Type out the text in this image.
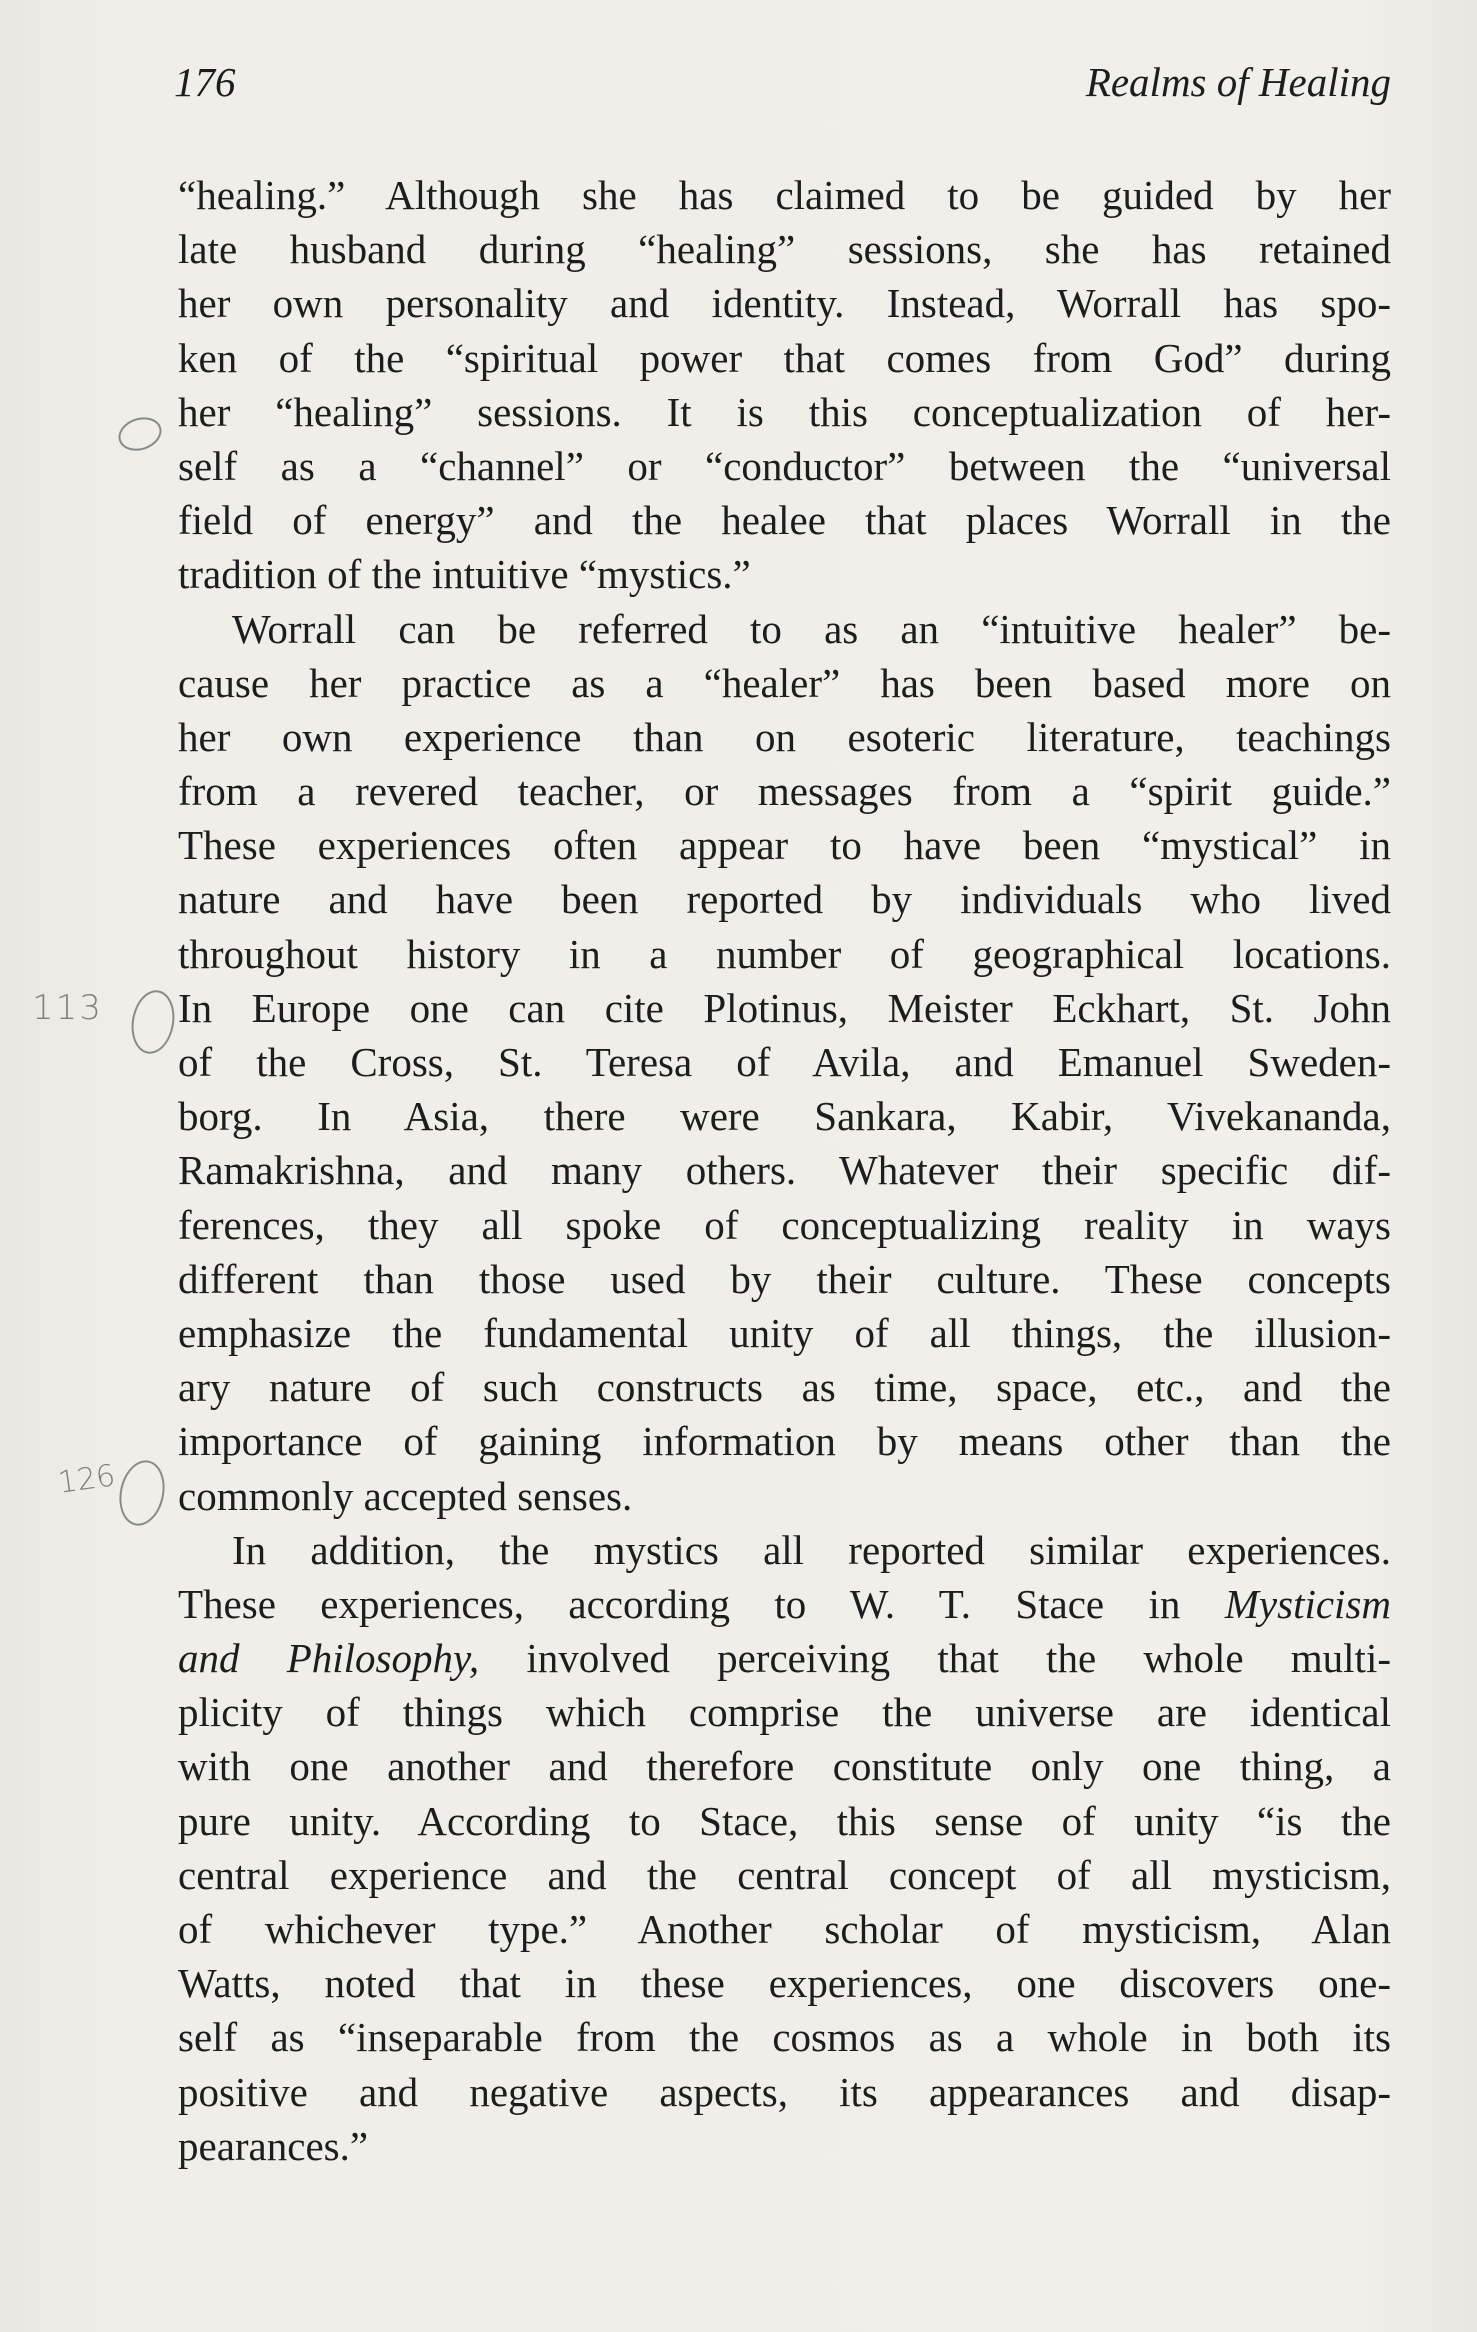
176	Realms of Healing
113
126
“healing.” Although she has claimed to be guided by her
late husband during “healing” sessions, she has retained
her own personality and identity. Instead, Worrall has spo-
ken of the “spiritual power that comes from God” during
her “healing” sessions. It is this conceptualization of her-
self as a “channel” or “conductor” between the “universal
field of energy” and the healee that places Worrall in the
tradition of the intuitive “mystics.”
Worrall can be referred to as an “intuitive healer” be-
cause her practice as a “healer” has been based more on
her own experience than on esoteric literature, teachings
from a revered teacher, or messages from a “spirit guide.”
These experiences often appear to have been “mystical” in
nature and have been reported by individuals who lived
throughout history in a number of geographical locations.
In Europe one can cite Plotinus, Meister Eckhart, St. John
of the Cross, St. Teresa of Avila, and Emanuel Sweden-
borg. In Asia, there were Sankara, Kabir, Vivekananda,
Ramakrishna, and many others. Whatever their specific dif-
ferences, they all spoke of conceptualizing reality in ways
different than those used by their culture. These concepts
emphasize the fundamental unity of all things, the illusion-
ary nature of such constructs as time, space, etc., and the
importance of gaining information by means other than the
commonly accepted senses.
In addition, the mystics all reported similar experiences.
These experiences, according to W. T. Stace in Mysticism
and Philosophy, involved perceiving that the whole multi-
plicity of things which comprise the universe are identical
with one another and therefore constitute only one thing, a
pure unity. According to Stace, this sense of unity “is the
central experience and the central concept of all mysticism,
of whichever type.” Another scholar of mysticism, Alan
Watts, noted that in these experiences, one discovers one-
self as “inseparable from the cosmos as a whole in both its
positive and negative aspects, its appearances and disap-
pearances.”
